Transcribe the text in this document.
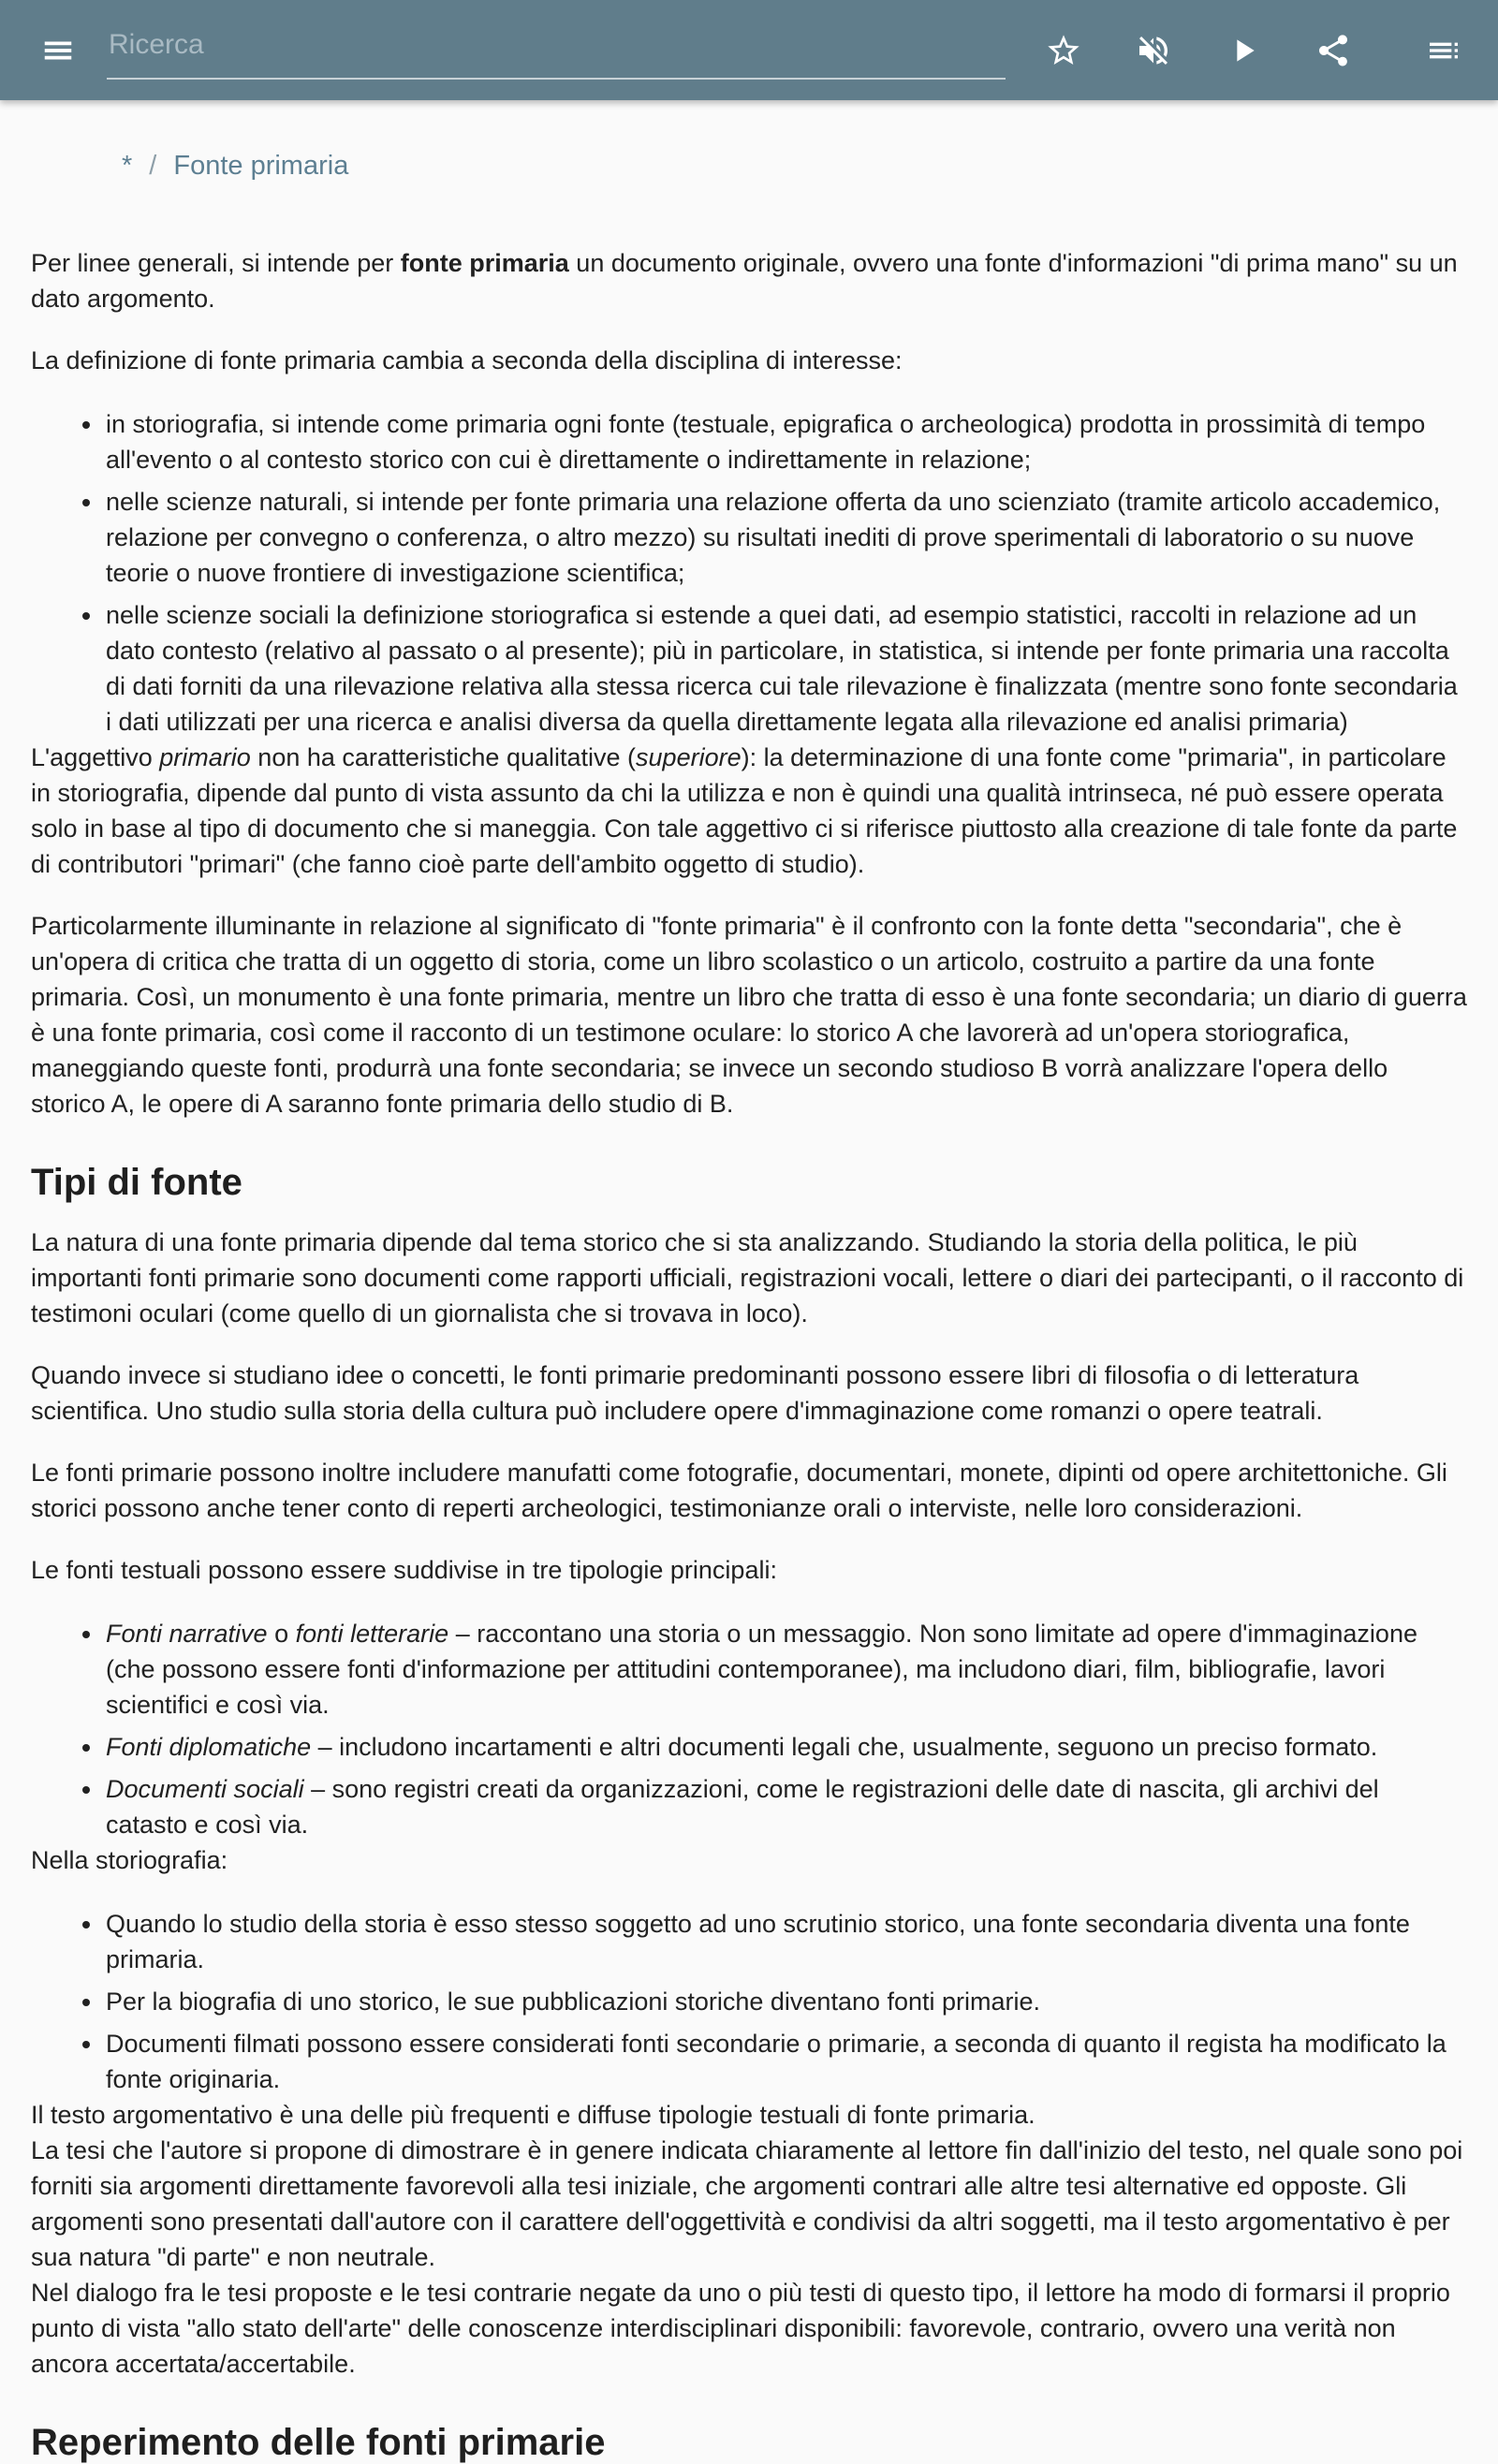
Ricerca
* / Fonte primaria

Per linee generali, si intende per fonte primaria un documento originale, ovvero una fonte d'informazioni "di prima mano" su un dato argomento.

La definizione di fonte primaria cambia a seconda della disciplina di interesse:

• in storiografia, si intende come primaria ogni fonte (testuale, epigrafica o archeologica) prodotta in prossimità di tempo all'evento o al contesto storico con cui è direttamente o indirettamente in relazione;
• nelle scienze naturali, si intende per fonte primaria una relazione offerta da uno scienziato (tramite articolo accademico, relazione per convegno o conferenza, o altro mezzo) su risultati inediti di prove sperimentali di laboratorio o su nuove teorie o nuove frontiere di investigazione scientifica;
• nelle scienze sociali la definizione storiografica si estende a quei dati, ad esempio statistici, raccolti in relazione ad un dato contesto (relativo al passato o al presente); più in particolare, in statistica, si intende per fonte primaria una raccolta di dati forniti da una rilevazione relativa alla stessa ricerca cui tale rilevazione è finalizzata (mentre sono fonte secondaria i dati utilizzati per una ricerca e analisi diversa da quella direttamente legata alla rilevazione ed analisi primaria)

L'aggettivo primario non ha caratteristiche qualitative (superiore): la determinazione di una fonte come "primaria", in particolare in storiografia, dipende dal punto di vista assunto da chi la utilizza e non è quindi una qualità intrinseca, né può essere operata solo in base al tipo di documento che si maneggia. Con tale aggettivo ci si riferisce piuttosto alla creazione di tale fonte da parte di contributori "primari" (che fanno cioè parte dell'ambito oggetto di studio).

Particolarmente illuminante in relazione al significato di "fonte primaria" è il confronto con la fonte detta "secondaria", che è un'opera di critica che tratta di un oggetto di storia, come un libro scolastico o un articolo, costruito a partire da una fonte primaria. Così, un monumento è una fonte primaria, mentre un libro che tratta di esso è una fonte secondaria; un diario di guerra è una fonte primaria, così come il racconto di un testimone oculare: lo storico A che lavorerà ad un'opera storiografica, maneggiando queste fonti, produrrà una fonte secondaria; se invece un secondo studioso B vorrà analizzare l'opera dello storico A, le opere di A saranno fonte primaria dello studio di B.

Tipi di fonte

La natura di una fonte primaria dipende dal tema storico che si sta analizzando. Studiando la storia della politica, le più importanti fonti primarie sono documenti come rapporti ufficiali, registrazioni vocali, lettere o diari dei partecipanti, o il racconto di testimoni oculari (come quello di un giornalista che si trovava in loco).

Quando invece si studiano idee o concetti, le fonti primarie predominanti possono essere libri di filosofia o di letteratura scientifica. Uno studio sulla storia della cultura può includere opere d'immaginazione come romanzi o opere teatrali.

Le fonti primarie possono inoltre includere manufatti come fotografie, documentari, monete, dipinti od opere architettoniche. Gli storici possono anche tener conto di reperti archeologici, testimonianze orali o interviste, nelle loro considerazioni.

Le fonti testuali possono essere suddivise in tre tipologie principali:

• Fonti narrative o fonti letterarie – raccontano una storia o un messaggio. Non sono limitate ad opere d'immaginazione (che possono essere fonti d'informazione per attitudini contemporanee), ma includono diari, film, bibliografie, lavori scientifici e così via.
• Fonti diplomatiche – includono incartamenti e altri documenti legali che, usualmente, seguono un preciso formato.
• Documenti sociali – sono registri creati da organizzazioni, come le registrazioni delle date di nascita, gli archivi del catasto e così via.

Nella storiografia:

• Quando lo studio della storia è esso stesso soggetto ad uno scrutinio storico, una fonte secondaria diventa una fonte primaria.
• Per la biografia di uno storico, le sue pubblicazioni storiche diventano fonti primarie.
• Documenti filmati possono essere considerati fonti secondarie o primarie, a seconda di quanto il regista ha modificato la fonte originaria.

Il testo argomentativo è una delle più frequenti e diffuse tipologie testuali di fonte primaria.

La tesi che l'autore si propone di dimostrare è in genere indicata chiaramente al lettore fin dall'inizio del testo, nel quale sono poi forniti sia argomenti direttamente favorevoli alla tesi iniziale, che argomenti contrari alle altre tesi alternative ed opposte. Gli argomenti sono presentati dall'autore con il carattere dell'oggettività e condivisi da altri soggetti, ma il testo argomentativo è per sua natura "di parte" e non neutrale.

Nel dialogo fra le tesi proposte e le tesi contrarie negate da uno o più testi di questo tipo, il lettore ha modo di formarsi il proprio punto di vista "allo stato dell'arte" delle conoscenze interdisciplinari disponibili: favorevole, contrario, ovvero una verità non ancora accertata/accertabile.

Reperimento delle fonti primarie
